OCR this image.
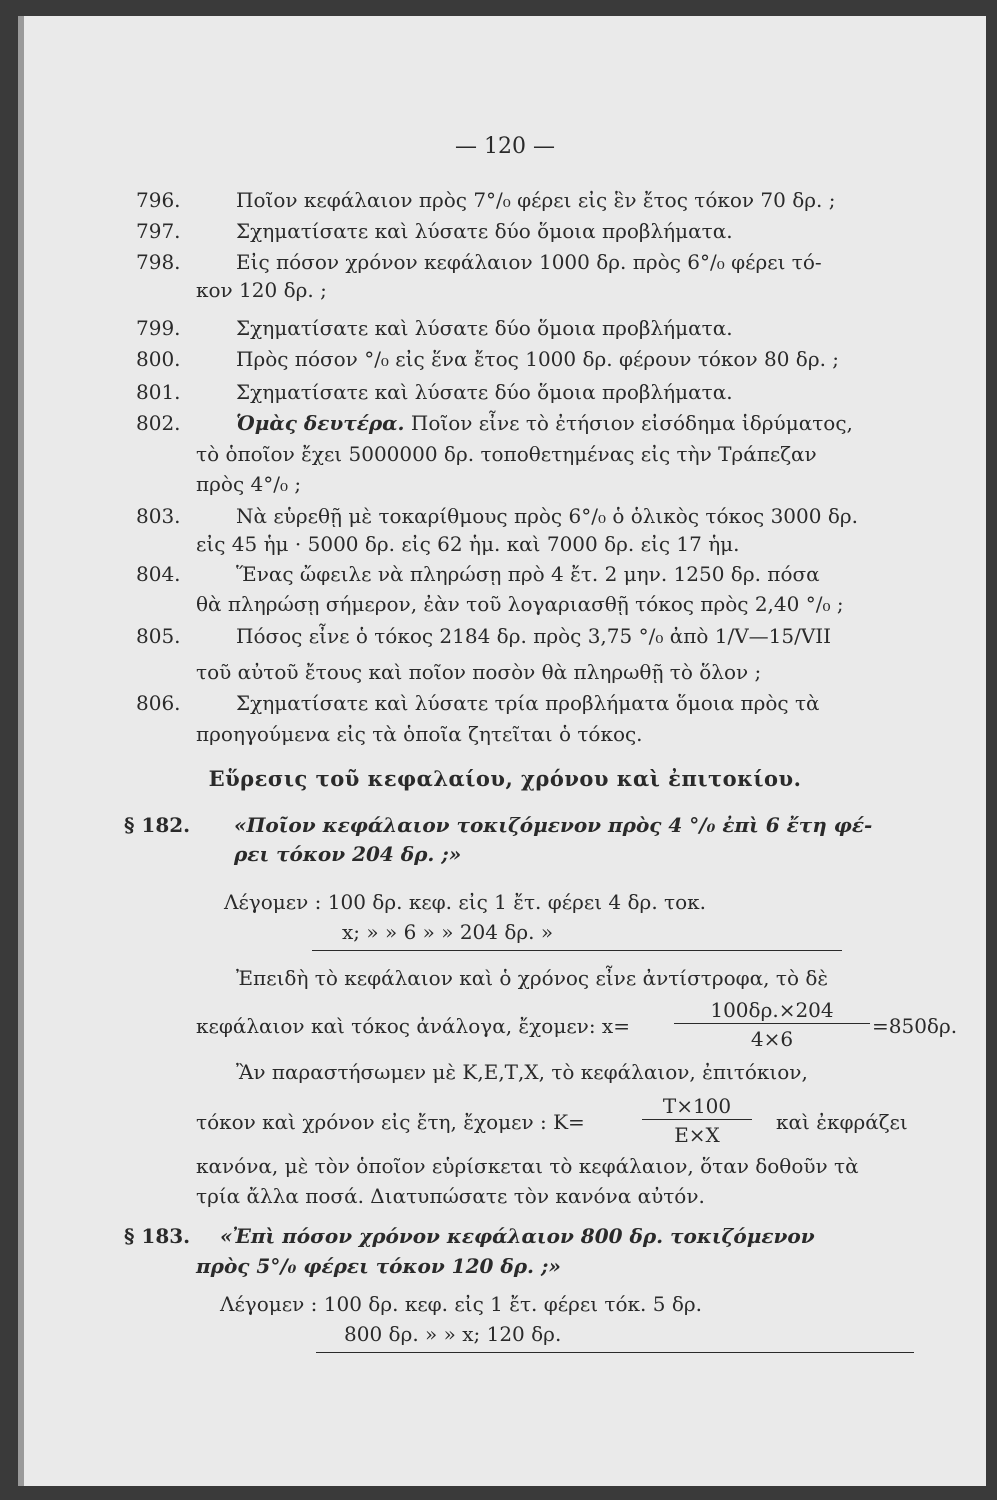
— 120 —
796.	Ποῖον κεφάλαιον πρὸς 7°/₀ φέρει εἰς ἓν ἔτος τόκον 70 δρ. ;
797.	Σχηματίσατε καὶ λύσατε δύο ὅμοια προβλήματα.
798.	Εἰς πόσον χρόνον κεφάλαιον 1000 δρ. πρὸς 6°/₀ φέρει τό-
κον 120 δρ. ;
799.	Σχηματίσατε καὶ λύσατε δύο ὅμοια προβλήματα.
800.	Πρὸς πόσον °/₀ εἰς ἕνα ἔτος 1000 δρ. φέρουν τόκον 80 δρ. ;
801.	Σχηματίσατε καὶ λύσατε δύο ὅμοια προβλήματα.
802.	Ὁμὰς δευτέρα. Ποῖον εἶνε τὸ ἐτήσιον εἰσόδημα ἱδρύματος,
τὸ ὁποῖον ἔχει 5000000 δρ. τοποθετημένας εἰς τὴν Τράπεζαν
πρὸς 4°/₀ ;
803.	Νὰ εὑρεθῇ μὲ τοκαρίθμους πρὸς 6°/₀ ὁ ὁλικὸς τόκος 3000 δρ.
εἰς 45 ἡμ · 5000 δρ. εἰς 62 ἡμ. καὶ 7000 δρ. εἰς 17 ἡμ.
804.	Ἕνας ὤφειλε νὰ πληρώσῃ πρὸ 4 ἔτ. 2 μην. 1250 δρ. πόσα
θὰ πληρώσῃ σήμερον, ἐὰν τοῦ λογαριασθῇ τόκος πρὸς 2,40 °/₀ ;
805.	Πόσος εἶνε ὁ τόκος 2184 δρ. πρὸς 3,75 °/₀ ἀπὸ 1/V—15/VII
τοῦ αὐτοῦ ἔτους καὶ ποῖον ποσὸν θὰ πληρωθῇ τὸ ὅλον ;
806.	Σχηματίσατε καὶ λύσατε τρία προβλήματα ὅμοια πρὸς τὰ
προηγούμενα εἰς τὰ ὁποῖα ζητεῖται ὁ τόκος.
Εὕρεσις τοῦ κεφαλαίου, χρόνου καὶ ἐπιτοκίου.
§ 182. «Ποῖον κεφάλαιον τοκιζόμενον πρὸς 4 °/₀ ἐπὶ 6 ἔτη φέ-
ρει τόκον 204 δρ. ;»
Λέγομεν : 100 δρ. κεφ. εἰς 1 ἔτ. φέρει 4 δρ. τοκ.
x; » » 6 » » 204 δρ. »
Ἐπειδὴ τὸ κεφάλαιον καὶ ὁ χρόνος εἶνε ἀντίστροφα, τὸ δὲ
κεφάλαιον καὶ τόκος ἀνάλογα, ἔχομεν: x=
100δρ.×204
4×6
=850δρ.
Ἂν παραστήσωμεν μὲ Κ,Ε,Τ,Χ, τὸ κεφάλαιον, ἐπιτόκιον,
τόκον καὶ χρόνον εἰς ἔτη, ἔχομεν : K=
T×100
E×X
καὶ ἐκφράζει
κανόνα, μὲ τὸν ὁποῖον εὑρίσκεται τὸ κεφάλαιον, ὅταν δοθοῦν τὰ
τρία ἄλλα ποσά. Διατυπώσατε τὸν κανόνα αὐτόν.
§ 183. «Ἐπὶ πόσον χρόνον κεφάλαιον 800 δρ. τοκιζόμενον
πρὸς 5°/₀ φέρει τόκον 120 δρ. ;»
Λέγομεν : 100 δρ. κεφ. εἰς 1 ἔτ. φέρει τόκ. 5 δρ.
800 δρ. » » x; 120 δρ.
